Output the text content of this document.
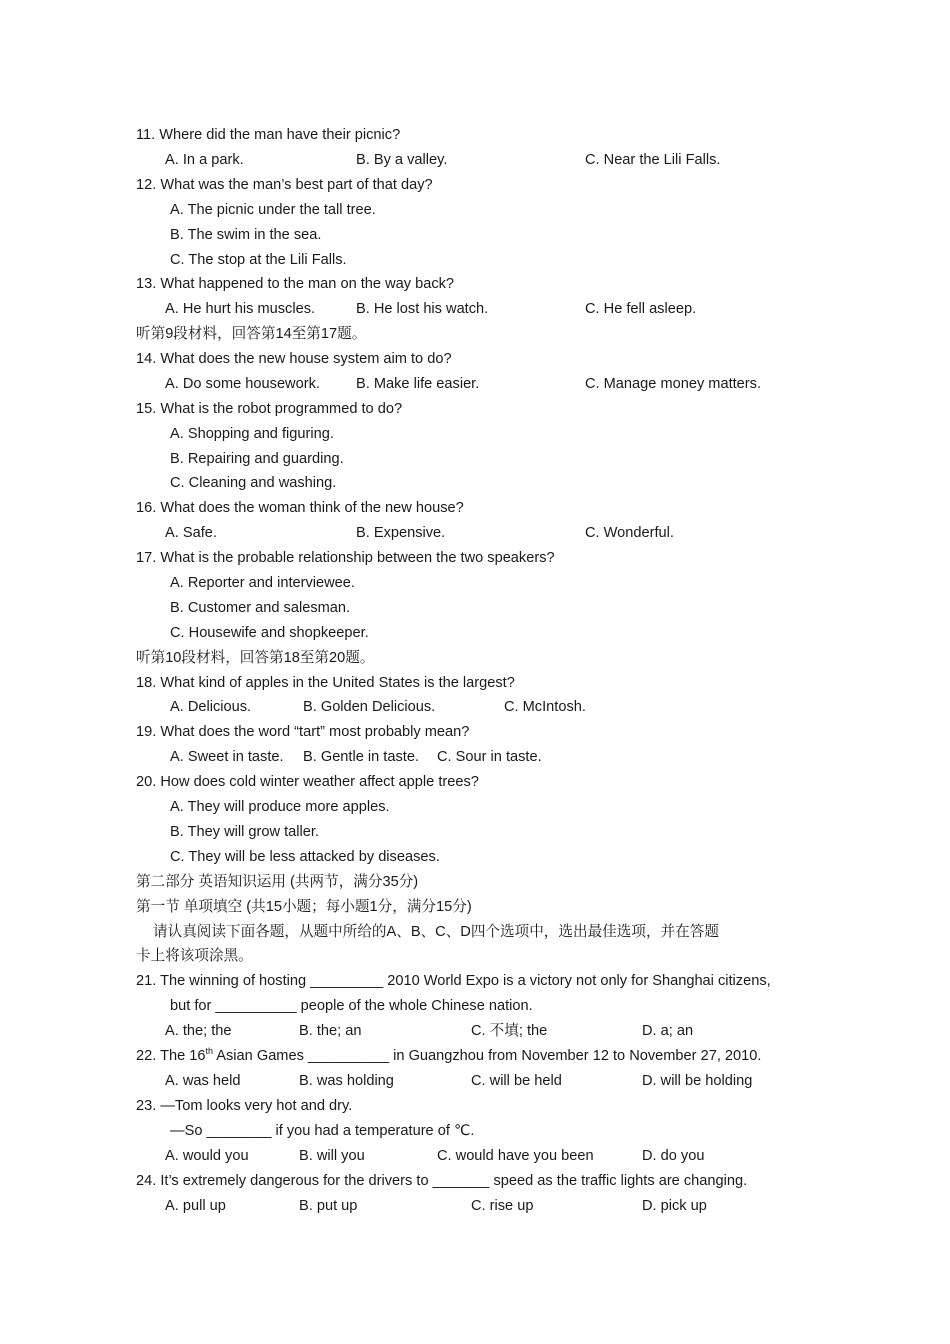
11. Where did the man have their picnic?
A. In a park.	B. By a valley.	C. Near the Lili Falls.
12. What was the man’s best part of that day?
A. The picnic under the tall tree.
B. The swim in the sea.
C. The stop at the Lili Falls.
13. What happened to the man on the way back?
A. He hurt his muscles.	B. He lost his watch.	C. He fell asleep.
听第9段材料，回答第14至第17题。
14. What does the new house system aim to do?
A. Do some housework. B. Make life easier.	C. Manage money matters.
15. What is the robot programmed to do?
A. Shopping and figuring.
B. Repairing and guarding.
C. Cleaning and washing.
16. What does the woman think of the new house?
A. Safe.	B. Expensive.	C. Wonderful.
17. What is the probable relationship between the two speakers?
A. Reporter and interviewee.
B. Customer and salesman.
C. Housewife and shopkeeper.
听第10段材料，回答第18至第20题。
18. What kind of apples in the United States is the largest?
A. Delicious.	B. Golden Delicious.	C. McIntosh.
19. What does the word “tart” most probably mean?
A. Sweet in taste. B. Gentle in taste. C. Sour in taste.
20. How does cold winter weather affect apple trees?
A. They will produce more apples.
B. They will grow taller.
C. They will be less attacked by diseases.
第二部分 英语知识运用 (共两节，满分35分)
第一节 单项填空 (共15小题；每小题1分，满分15分)
请认真阅读下面各题，从题中所给的A、B、C、D四个选项中，选出最佳选项，并在答题
卡上将该项涂黑。
21. The winning of hosting _________ 2010 World Expo is a victory not only for Shanghai citizens,
but for __________ people of the whole Chinese nation.
A. the; the	B. the; an	C. 不填; the	D. a; an
22. The 16th Asian Games __________ in Guangzhou from November 12 to November 27, 2010.
A. was held	B. was holding	C. will be held	D. will be holding
23. —Tom looks very hot and dry.
—So ________ if you had a temperature of ℃.
A. would you	B. will you	C. would have you been	D. do you
24. It’s extremely dangerous for the drivers to _______ speed as the traffic lights are changing.
A. pull up	B. put up	C. rise up	D. pick up
